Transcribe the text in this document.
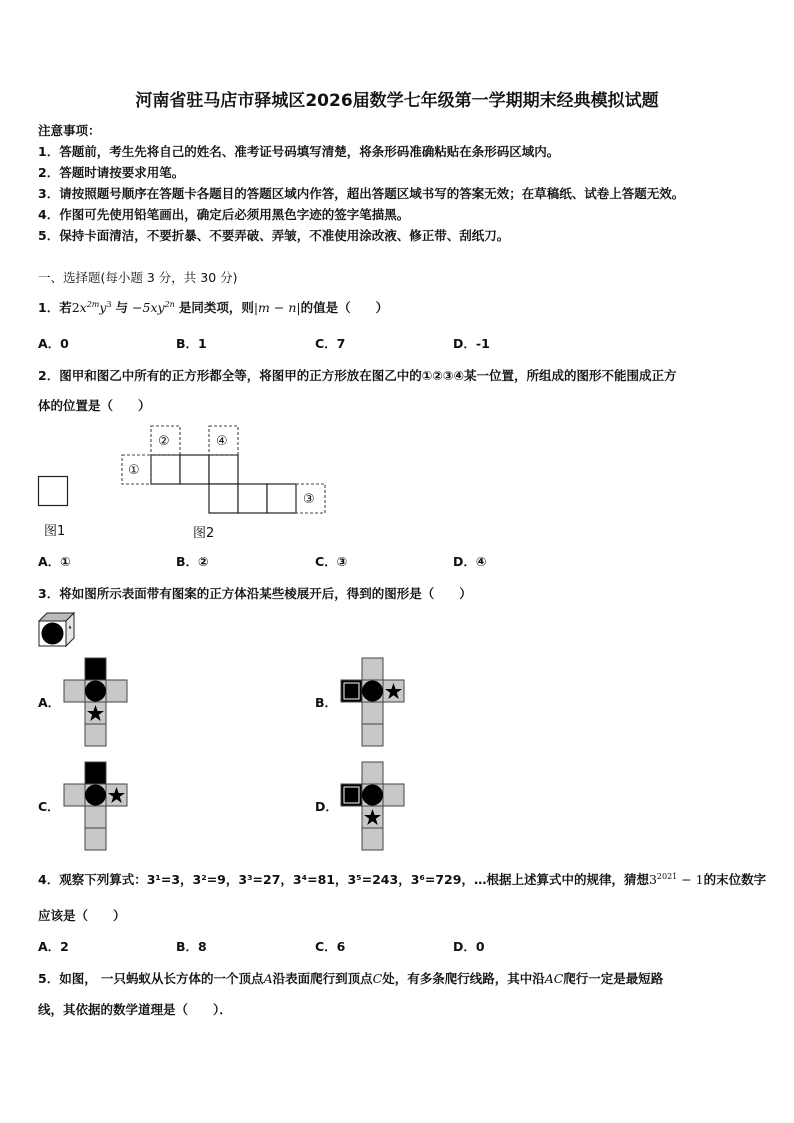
河南省驻马店市驿城区2026届数学七年级第一学期期末经典模拟试题
注意事项：
1．答题前，考生先将自己的姓名、准考证号码填写清楚，将条形码准确粘贴在条形码区域内。
2．答题时请按要求用笔。
3．请按照题号顺序在答题卡各题目的答题区域内作答，超出答题区域书写的答案无效；在草稿纸、试卷上答题无效。
4．作图可先使用铅笔画出，确定后必须用黑色字迹的签字笔描黑。
5．保持卡面清洁，不要折暴、不要弄破、弄皱，不准使用涂改液、修正带、刮纸刀。
一、选择题(每小题 3 分，共 30 分)
1．若$2x^{2m}y^3$ 与 $-5xy^{2n}$ 是同类项，则|m − n|的值是（　　）
A．0	B．1	C．7	D．-1
2．图甲和图乙中所有的正方形都全等，将图甲的正方形放在图乙中的①②③④某一位置，所组成的图形不能围成正方
体的位置是（　　）
图1
①
②
③
④
图2
A．①	B．②	C．③	D．④
3．将如图所示表面带有图案的正方体沿某些棱展开后，得到的图形是（　　）
A．	B．
C．	D．
4．观察下列算式：3¹=3，3²=9，3³=27，3⁴=81，3⁵=243，3⁶=729，…根据上述算式中的规律，猜想$3^{2021} - 1$的末位数字
应该是（　　）
A．2	B．8	C．6	D．0
5．如图， 一只蚂蚁从长方体的一个顶点A沿表面爬行到顶点C处，有多条爬行线路，其中沿AC爬行一定是最短路
线，其依据的数学道理是（　　）．
